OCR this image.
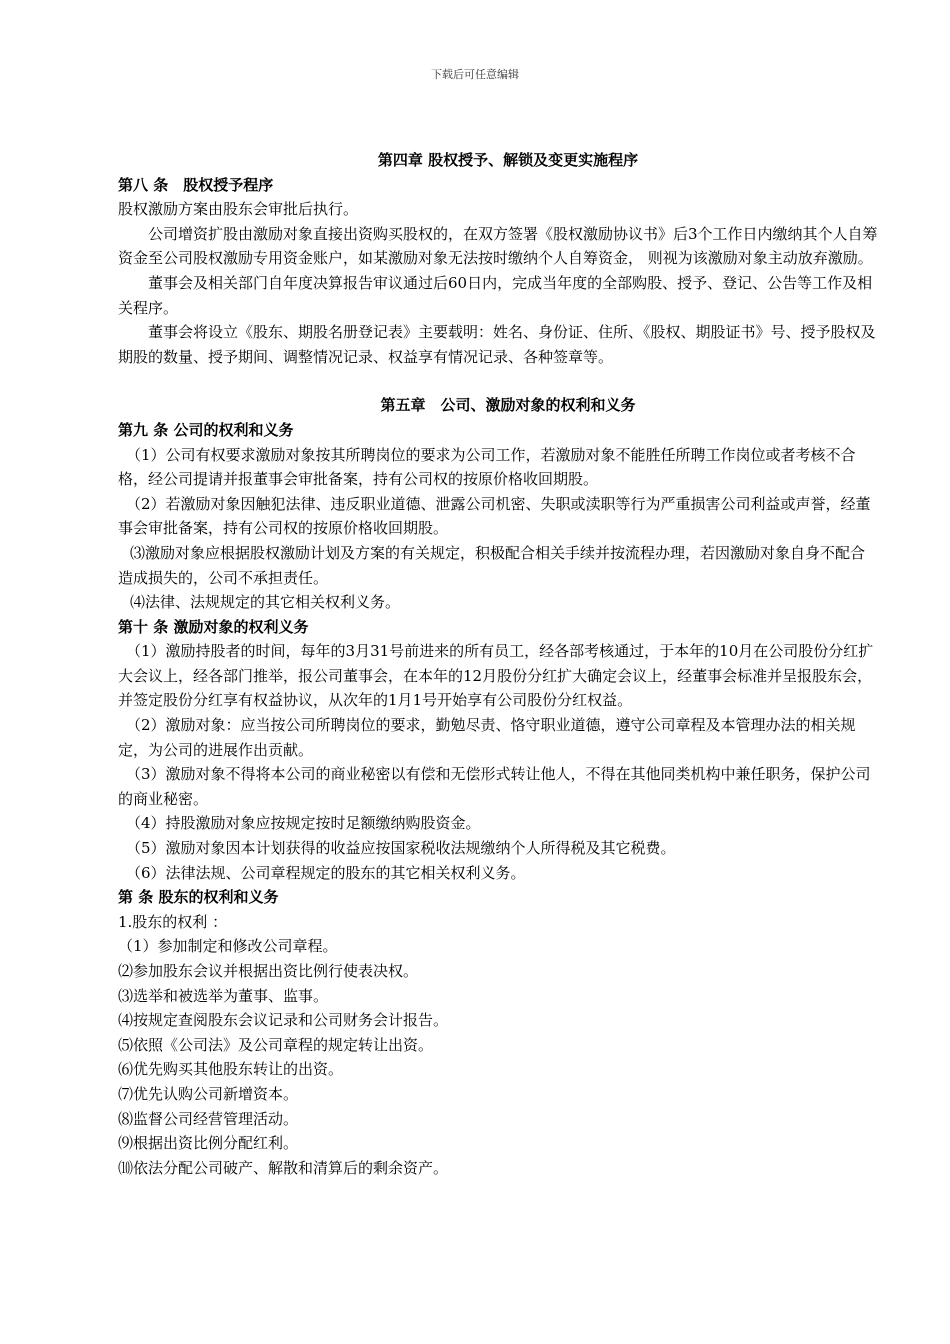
下载后可任意编辑

第四章 股权授予、解锁及变更实施程序

第八 条　股权授予程序

股权激励方案由股东会审批后执行。

公司增资扩股由激励对象直接出资购买股权的，在双方签署《股权激励协议书》后3个工作日内缴纳其个人自筹资金至公司股权激励专用资金账户，如某激励对象无法按时缴纳个人自筹资金， 则视为该激励对象主动放弃激励。

董事会及相关部门自年度决算报告审议通过后60日内，完成当年度的全部购股、授予、登记、公告等工作及相关程序。

董事会将设立《股东、期股名册登记表》主要载明：姓名、身份证、住所、《股权、期股证书》号、授予股权及期股的数量、授予期间、调整情况记录、权益享有情况记录、各种签章等。

第五章　公司、激励对象的权利和义务

第九 条 公司的权利和义务

（1）公司有权要求激励对象按其所聘岗位的要求为公司工作，若激励对象不能胜任所聘工作岗位或者考核不合格，经公司提请并报董事会审批备案，持有公司权的按原价格收回期股。

（2）若激励对象因触犯法律、违反职业道德、泄露公司机密、失职或渎职等行为严重损害公司利益或声誉，经董事会审批备案，持有公司权的按原价格收回期股。

⑶激励对象应根据股权激励计划及方案的有关规定，积极配合相关手续并按流程办理，若因激励对象自身不配合造成损失的，公司不承担责任。

⑷法律、法规规定的其它相关权利义务。

第十 条 激励对象的权利义务

（1）激励持股者的时间，每年的3月31号前进来的所有员工，经各部考核通过，于本年的10月在公司股份分红扩大会议上，经各部门推举，报公司董事会，在本年的12月股份分红扩大确定会议上，经董事会标准并呈报股东会，并签定股份分红享有权益协议，从次年的1月1号开始享有公司股份分红权益。

（2）激励对象：应当按公司所聘岗位的要求，勤勉尽责、恪守职业道德，遵守公司章程及本管理办法的相关规定，为公司的进展作出贡献。

（3）激励对象不得将本公司的商业秘密以有偿和无偿形式转让他人，不得在其他同类机构中兼任职务，保护公司的商业秘密。

（4）持股激励对象应按规定按时足额缴纳购股资金。

（5）激励对象因本计划获得的收益应按国家税收法规缴纳个人所得税及其它税费。

（6）法律法规、公司章程规定的股东的其它相关权利义务。

第 条 股东的权利和义务

1.股东的权利 ：

（1）参加制定和修改公司章程。

⑵参加股东会议并根据出资比例行使表决权。

⑶选举和被选举为董事、监事。

⑷按规定查阅股东会议记录和公司财务会计报告。

⑸依照《公司法》及公司章程的规定转让出资。

⑹优先购买其他股东转让的出资。

⑺优先认购公司新增资本。

⑻监督公司经营管理活动。

⑼根据出资比例分配红利。

⑽依法分配公司破产、解散和清算后的剩余资产。
